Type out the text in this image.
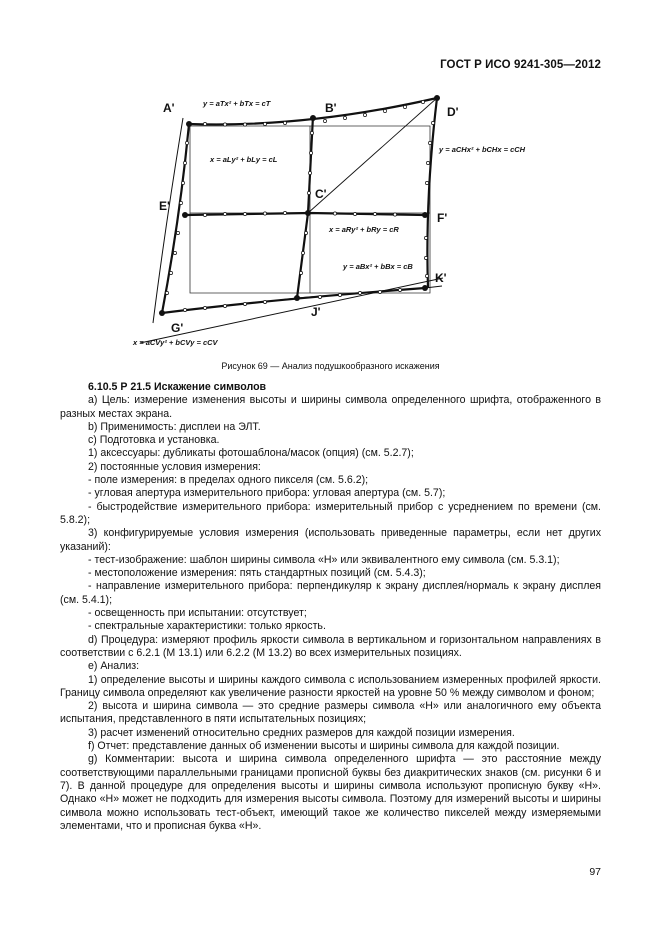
ГОСТ Р ИСО 9241-305—2012
A'	B'	D'
C'
E'
F'
K'
G'
J'
y = aTx² + bTx = cT
x = aLy² + bLy = cL
y = aCHx² + bCHx = cCH
x = aRy² + bRy = cR
y = aBx² + bBx = cB
x = aCVy² + bCVy = cCV
Рисунок 69 — Анализ подушкообразного искажения

6.10.5 Р 21.5 Искажение символов

а) Цель: измерение изменения высоты и ширины символа определенного шрифта, отображенного в разных местах экрана.

b) Применимость: дисплеи на ЭЛТ.

с) Подготовка и установка.

1) аксессуары: дубликаты фотошаблона/масок (опция) (см. 5.2.7);

2) постоянные условия измерения:

- поле измерения: в пределах одного пикселя (см. 5.6.2);

- угловая апертура измерительного прибора: угловая апертура (см. 5.7);

- быстродействие измерительного прибора: измерительный прибор с усреднением по времени (см. 5.8.2);

3) конфигурируемые условия измерения (использовать приведенные параметры, если нет других указаний):

- тест-изображение: шаблон ширины символа «Н» или эквивалентного ему символа (см. 5.3.1);

- местоположение измерения: пять стандартных позиций (см. 5.4.3);

- направление измерительного прибора: перпендикуляр к экрану дисплея/нормаль к экрану дисплея (см. 5.4.1);

- освещенность при испытании: отсутствует;

- спектральные характеристики: только яркость.

d) Процедура: измеряют профиль яркости символа в вертикальном и горизонтальном направлениях в соответствии с 6.2.1 (М 13.1) или 6.2.2 (М 13.2) во всех измерительных позициях.

е) Анализ:

1) определение высоты и ширины каждого символа с использованием измеренных профилей яркости. Границу символа определяют как увеличение разности яркостей на уровне 50 % между символом и фоном;

2) высота и ширина символа — это средние размеры символа «Н» или аналогичного ему объекта испытания, представленного в пяти испытательных позициях;

3) расчет изменений относительно средних размеров для каждой позиции измерения.

f) Отчет: представление данных об изменении высоты и ширины символа для каждой позиции.

g) Комментарии: высота и ширина символа определенного шрифта — это расстояние между соответствующими параллельными границами прописной буквы без диакритических знаков (см. рисунки 6 и 7). В данной процедуре для определения высоты и ширины символа используют прописную букву «Н». Однако «Н» может не подходить для измерения высоты символа. Поэтому для измерений высоты и ширины символа можно использовать тест-объект, имеющий такое же количество пикселей между измеряемыми элементами, что и прописная буква «Н».

97
